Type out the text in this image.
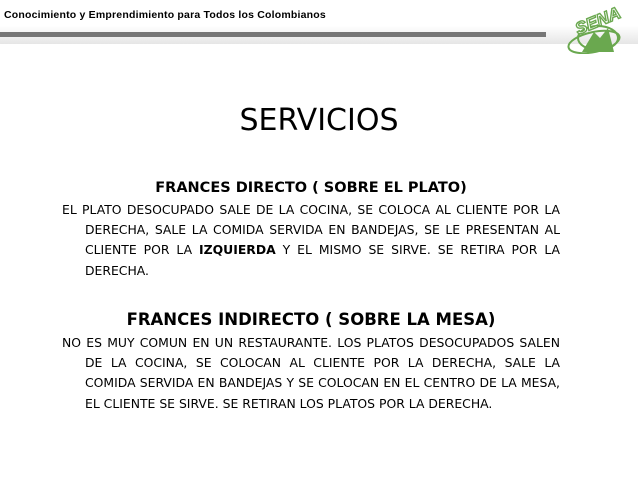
Conocimiento y Emprendimiento para Todos los Colombianos	SENA
SERVICIOS
FRANCES DIRECTO ( SOBRE EL PLATO)
EL PLATO DESOCUPADO SALE DE LA COCINA, SE COLOCA AL CLIENTE POR LA DERECHA, SALE LA COMIDA SERVIDA EN BANDEJAS, SE LE PRESENTAN AL CLIENTE POR LA IZQUIERDA Y EL MISMO SE SIRVE. SE RETIRA POR LA DERECHA.
FRANCES INDIRECTO ( SOBRE LA MESA)
NO ES MUY COMUN EN UN RESTAURANTE. LOS PLATOS DESOCUPADOS SALEN DE LA COCINA, SE COLOCAN AL CLIENTE POR LA DERECHA, SALE LA COMIDA SERVIDA EN BANDEJAS Y SE COLOCAN EN EL CENTRO DE LA MESA, EL CLIENTE SE SIRVE. SE RETIRAN LOS PLATOS POR LA DERECHA.
